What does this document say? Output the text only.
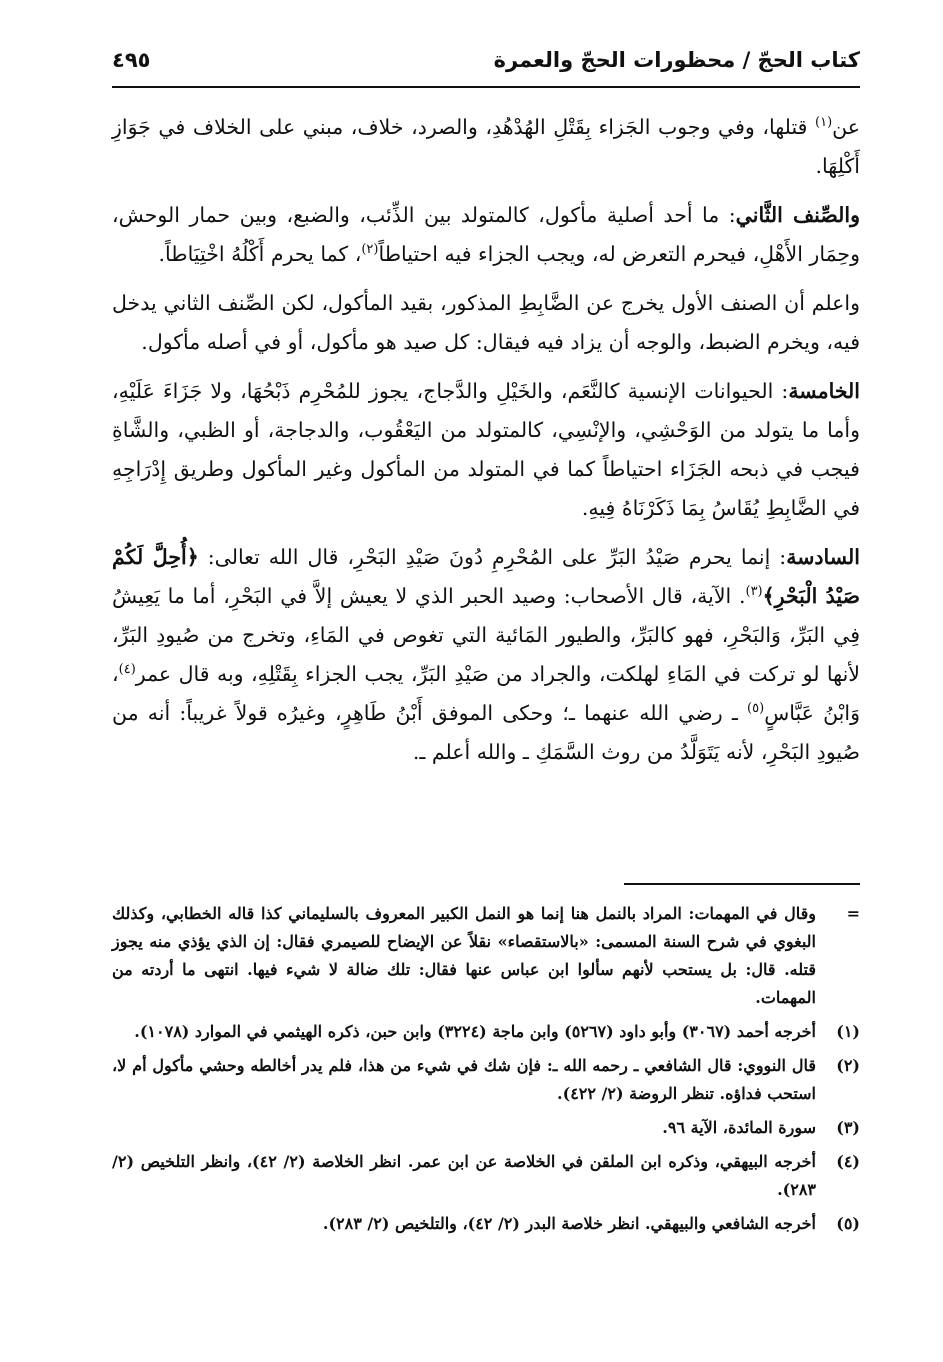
كتاب الحجّ / محظورات الحجّ والعمرة
٤٩٥

عن$^{(١)}$ قتلها، وفي وجوب الجَزاء بِقَتْلِ الهُدْهُدِ، والصرد، خلاف، مبني على الخلاف في جَوَازِ أَكْلِهَا.

والصِّنف الثَّاني: ما أحد أصلية مأكول، كالمتولد بين الذِّئب، والضبع، وبين حمار الوحش، وحِمَار الأَهْلِ، فيحرم التعرض له، ويجب الجزاء فيه احتياطاً$^{(٢)}$، كما يحرم أَكْلُهُ اخْتِيَاطاً.

واعلم أن الصنف الأول يخرج عن الضَّابِطِ المذكور، بقيد المأكول، لكن الصِّنف الثاني يدخل فيه، ويخرم الضبط، والوجه أن يزاد فيه فيقال: كل صيد هو مأكول، أو في أصله مأكول.

الخامسة: الحيوانات الإنسية كالنَّعَم، والخَيْلِ والدَّجاج، يجوز للمُحْرِم ذَبْحُهَا، ولا جَزَاءَ عَلَيْهِ، وأما ما يتولد من الوَحْشِي، والإنْسِي، كالمتولد من اليَعْقُوب، والدجاجة، أو الظبي، والشَّاةِ فيجب في ذبحه الجَزَاء احتياطاً كما في المتولد من المأكول وغير المأكول وطريق إِدْرَاجِهِ في الضَّابِطِ يُقَاسُ بِمَا ذَكَرْنَاهُ فِيهِ.

السادسة: إنما يحرم صَيْدُ البَرِّ على المُحْرِمِ دُونَ صَيْدِ البَحْرِ، قال الله تعالى: ﴿أُحِلَّ لَكُمْ صَيْدُ الْبَحْرِ﴾$^{(٣)}$. الآية، قال الأصحاب: وصيد الحبر الذي لا يعيش إلاَّ في البَحْرِ، أما ما يَعِيشُ فِي البَرِّ، وَالبَحْرِ، فهو كالبَرِّ، والطيور المَائية التي تغوص في المَاءِ، وتخرج من صُيودِ البَرِّ، لأنها لو تركت في المَاءِ لهلكت، والجراد من صَيْدِ البَرِّ، يجب الجزاء بِقَتْلِهِ، وبه قال عمر$^{(٤)}$، وَابْنُ عَبَّاسٍ$^{(٥)}$ ـ رضي الله عنهما ـ؛ وحكى الموفق أَبْنُ طَاهِرٍ، وغيرُه قولاً غريباً: أنه من صُيودِ البَحْرِ، لأنه يَتَوَلَّدُ من روث السَّمَكِ ـ والله أعلم ـ.

=
وقال في المهمات: المراد بالنمل هنا إنما هو النمل الكبير المعروف بالسليماني كذا قاله الخطابي، وكذلك البغوي في شرح السنة المسمى: «بالاستقصاء» نقلاً عن الإيضاح للصيمري فقال: إن الذي يؤذي منه يجوز قتله. قال: بل يستحب لأنهم سألوا ابن عباس عنها فقال: تلك ضالة لا شيء فيها. انتهى ما أردته من المهمات.
(١)
أخرجه أحمد (٣٠٦٧) وأبو داود (٥٢٦٧) وابن ماجة (٣٢٢٤) وابن حبن، ذكره الهيثمي في الموارد (١٠٧٨).
(٢)
قال النووي: قال الشافعي ـ رحمه الله ـ: فإن شك في شيء من هذا، فلم يدر أخالطه وحشي مأكول أم لا، استحب فداؤه. تنظر الروضة (٢/ ٤٢٢).
(٣)
سورة المائدة، الآية ٩٦.
(٤)
أخرجه البيهقي، وذكره ابن الملقن في الخلاصة عن ابن عمر. انظر الخلاصة (٢/ ٤٢)، وانظر التلخيص (٢/ ٢٨٣).
(٥)
أخرجه الشافعي والبيهقي. انظر خلاصة البدر (٢/ ٤٢)، والتلخيص (٢/ ٢٨٣).
